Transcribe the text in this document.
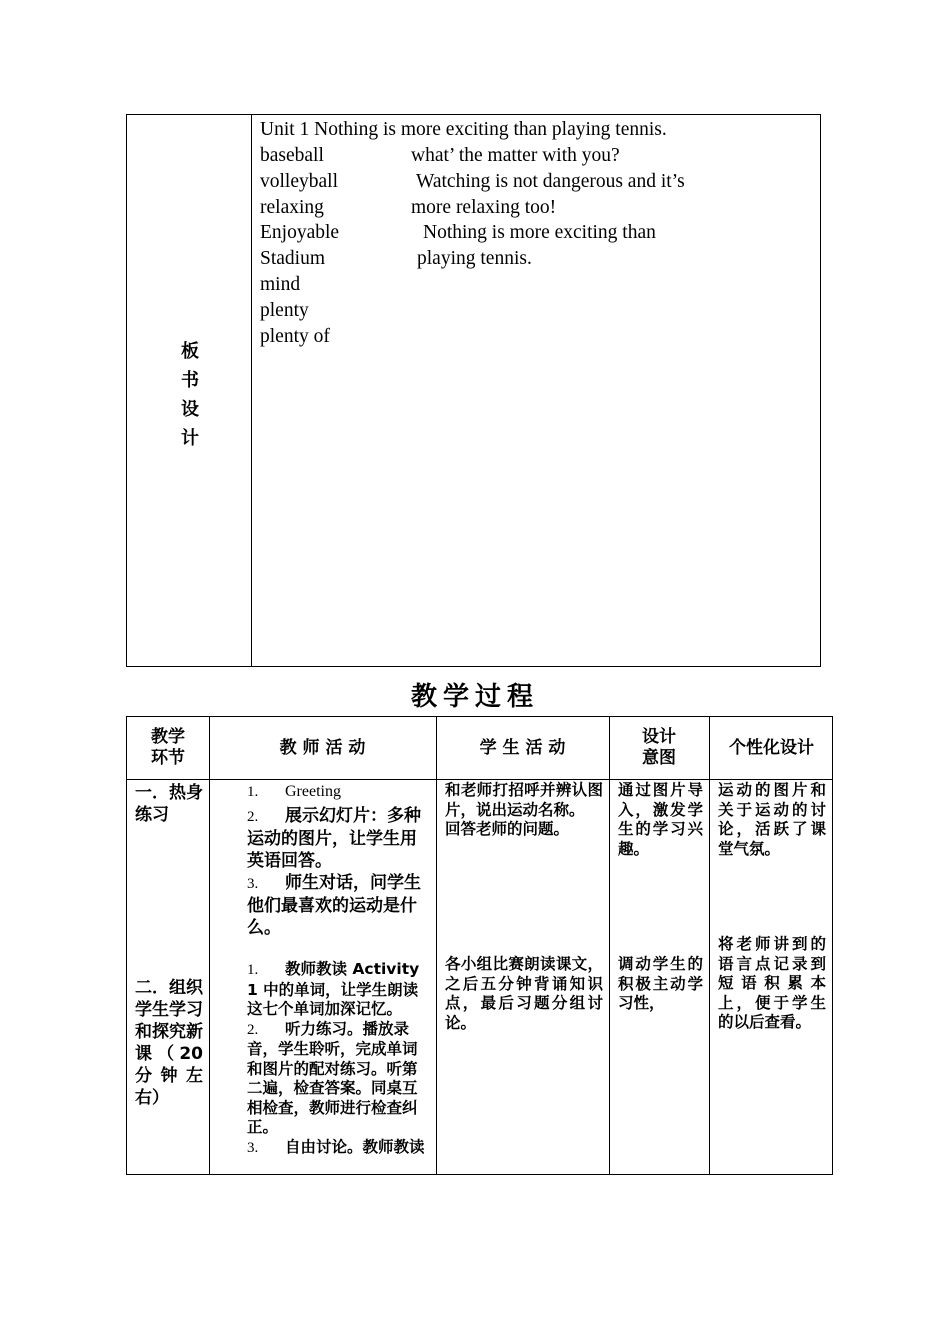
板
书
设
计
Unit 1 Nothing is more exciting than playing tennis.
baseball
volleyball
relaxing
Enjoyable
Stadium
mind
plenty
plenty of
what’ the matter with you?
Watching is not dangerous and it’s
more relaxing too!
Nothing is more exciting than
playing tennis.
教学过程
教学
环节
教 师 活 动	学 生 活 动
设计
意图
个性化设计
一．热身练习

1. Greeting

2. 展示幻灯片：多种运动的图片，让学生用英语回答。

3. 师生对话，问学生他们最喜欢的运动是什么。

和老师打招呼并辨认图片，说出运动名称。

回答老师的问题。

通过图片导入，激发学生的学习兴趣。
运动的图片和关于运动的讨论，活跃了课堂气氛。
二．组织学生学习和探究新课（20分钟左右）

1. 教师教读 Activity 1 中的单词，让学生朗读这七个单词加深记忆。

2. 听力练习。播放录音，学生聆听，完成单词和图片的配对练习。听第二遍，检查答案。同桌互相检查，教师进行检查纠正。

3. 自由讨论。教师教读

各小组比赛朗读课文，之后五分钟背诵知识点，最后习题分组讨论。
调动学生的积极主动学习性，
将老师讲到的语言点记录到短语积累本上，便于学生的以后查看。
